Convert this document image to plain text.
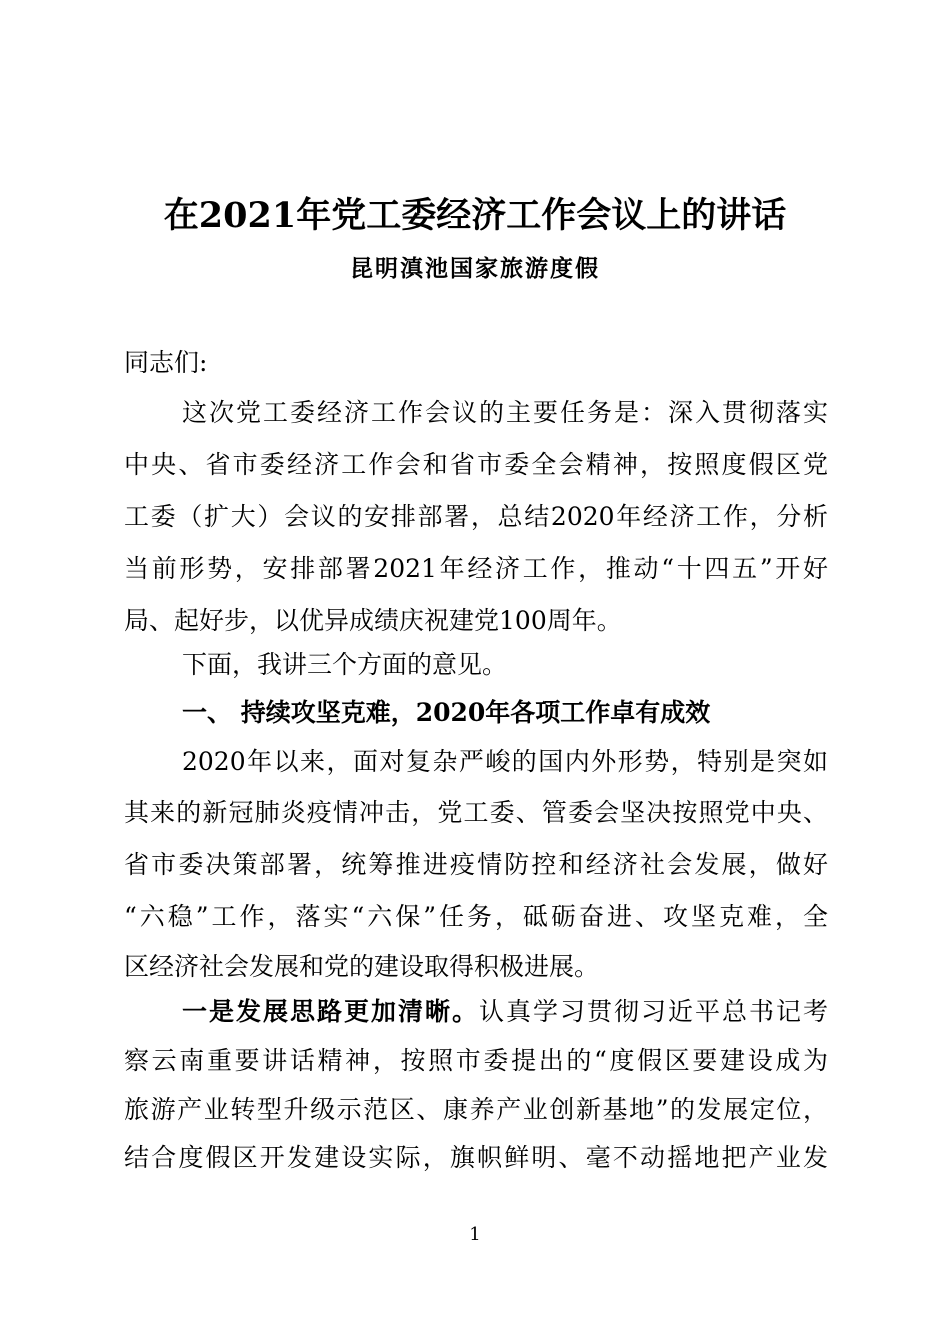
在2021年党工委经济工作会议上的讲话
昆明滇池国家旅游度假
同志们:
这次党工委经济工作会议的主要任务是：深入贯彻落实
中央、省市委经济工作会和省市委全会精神，按照度假区党
工委（扩大）会议的安排部署，总结2020年经济工作，分析
当前形势，安排部署2021年经济工作，推动“十四五”开好
局、起好步，以优异成绩庆祝建党100周年。
下面，我讲三个方面的意见。
一、 持续攻坚克难，2020年各项工作卓有成效
2020年以来，面对复杂严峻的国内外形势，特别是突如
其来的新冠肺炎疫情冲击，党工委、管委会坚决按照党中央、
省市委决策部署，统筹推进疫情防控和经济社会发展，做好
“六稳”工作，落实“六保”任务，砥砺奋进、攻坚克难，全
区经济社会发展和党的建设取得积极进展。
一是发展思路更加清晰。认真学习贯彻习近平总书记考
察云南重要讲话精神，按照市委提出的“度假区要建设成为
旅游产业转型升级示范区、康养产业创新基地”的发展定位，
结合度假区开发建设实际，旗帜鲜明、毫不动摇地把产业发
1
